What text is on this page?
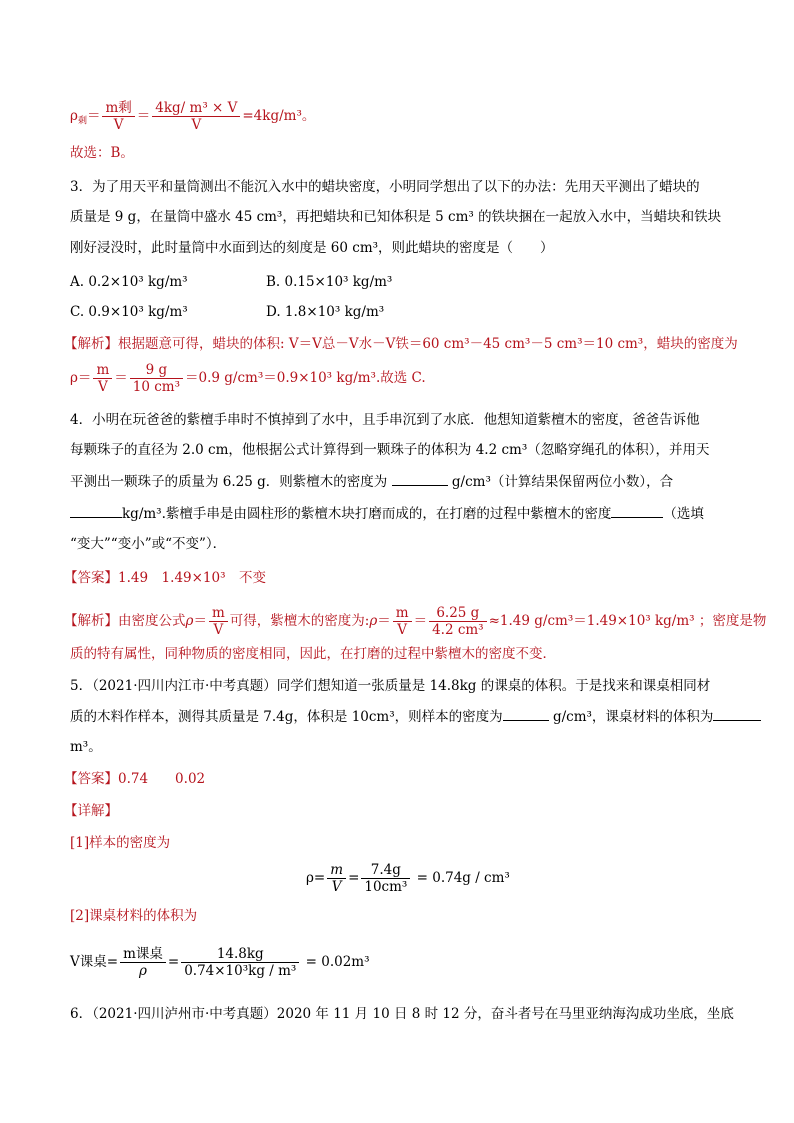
$\rho_剩= \frac{\text{m剩}}{V} = \frac{\text{4kg/ m³ × V}}{V} =4kg/m^3$。
故选：B。
3．为了用天平和量筒测出不能沉入水中的蜡块密度，小明同学想出了以下的办法：先用天平测出了蜡块的
质量是 9 g，在量筒中盛水 45 cm³，再把蜡块和已知体积是 5 cm³ 的铁块捆在一起放入水中，当蜡块和铁块
刚好浸没时，此时量筒中水面到达的刻度是 60 cm³，则此蜡块的密度是（　　）
A. 0.2×10³ kg/m³	B. 0.15×10³ kg/m³
C. 0.9×10³ kg/m³	D. 1.8×10³ kg/m³
【解析】根据题意可得，蜡块的体积: V＝V总－V水－V铁＝60 cm³－45 cm³－5 cm³＝10 cm³，蜡块的密度为
$\rho= \frac{m}{V} = \frac{9 g}{\text{10 cm³}} =0.9$ g/cm³＝0.9×10³ kg/m³.故选 C.
4．小明在玩爸爸的紫檀手串时不慎掉到了水中，且手串沉到了水底．他想知道紫檀木的密度，爸爸告诉他
每颗珠子的直径为 2.0 cm，他根据公式计算得到一颗珠子的体积为 4.2 cm³（忽略穿绳孔的体积），并用天
平测出一颗珠子的质量为 6.25 g．则紫檀木的密度为	g/cm³（计算结果保留两位小数），合
kg/m³.紫檀手串是由圆柱形的紫檀木块打磨而成的，在打磨的过程中紫檀木的密度	（选填
“变大”“变小”或“不变”）．
【答案】1.49　1.49×10³　不变
【解析】由密度公式$\rho= \frac{m}{V}$ 可得，紫檀木的密度为:ρ＝ $\frac{m}{V} = \frac{6.25 g}{\text{4.2 cm³}} \approx 1.49$ g/cm³＝1.49×10³ kg/m³ ；密度是物
质的特有属性，同种物质的密度相同，因此，在打磨的过程中紫檀木的密度不变．
5．（2021·四川内江市·中考真题）同学们想知道一张质量是 14.8kg 的课桌的体积。于是找来和课桌相同材
质的木料作样本，测得其质量是 7.4g，体积是 10cm³，则样本的密度为	g/cm³，课桌材料的体积为
m³。
【答案】0.74　　0.02
【详解】
[1]样本的密度为
$\rho= \frac{m}{V} = \frac{7.4g}{\text{10cm³}} = 0.74g / cm^3$
[2]课桌材料的体积为
V课桌= $\frac{\text{m课桌}}{\rho} = \frac{14.8kg}{\text{0.74×10³kg / m³}} = 0.02m^3$
6．（2021·四川泸州市·中考真题）2020 年 11 月 10 日 8 时 12 分，奋斗者号在马里亚纳海沟成功坐底，坐底
